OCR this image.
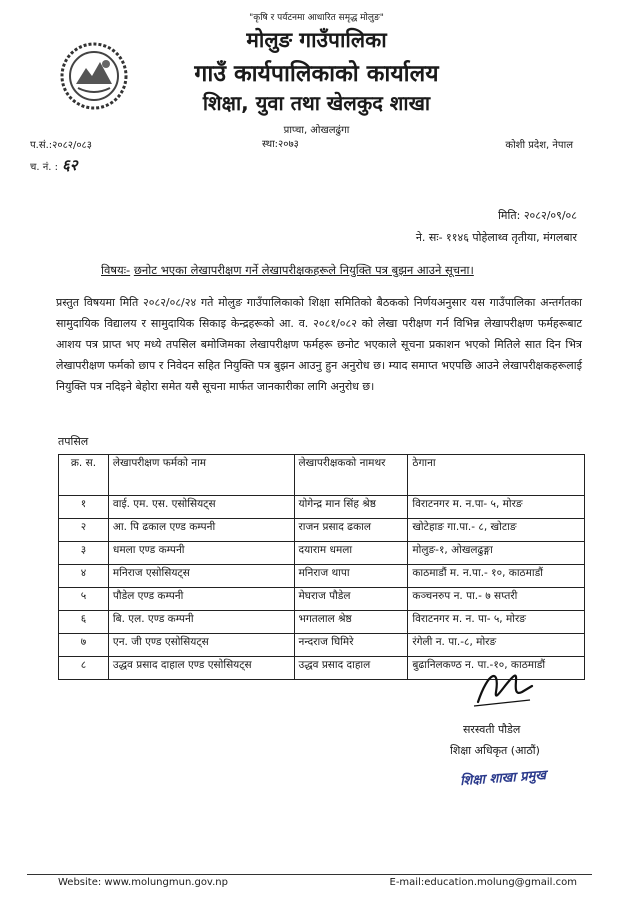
"कृषि र पर्यटनमा आधारित समृद्ध मोलुङ"
मोलुङ गाउँपालिका
गाउँ कार्यपालिकाको कार्यालय
शिक्षा, युवा तथा खेलकुद शाखा
प्राप्चा, ओखलढुंगा
स्था:२०७३	कोशी प्रदेश, नेपाल
प.सं.:२०८२/०८३
च. नं. : ६२
मिति: २०८२/०९/०८
ने. सः- ११४६ पोहेलाथ्व तृतीया, मंगलबार
विषयः- छनोट भएका लेखापरीक्षण गर्ने लेखापरीक्षकहरूले नियुक्ति पत्र बुझन आउने सूचना।
प्रस्तुत विषयमा मिति २०८२/०८/२४ गते मोलुङ गाउँपालिकाको शिक्षा समितिको बैठकको निर्णयअनुसार यस गाउँपालिका अन्तर्गतका सामुदायिक विद्यालय र सामुदायिक सिकाइ केन्द्रहरूको आ. व. २०८१/०८२ को लेखा परीक्षण गर्न विभिन्न लेखापरीक्षण फर्महरूबाट आशय पत्र प्राप्त भए मध्ये तपसिल बमोजिमका लेखापरीक्षण फर्महरू छनोट भएकाले सूचना प्रकाशन भएको मितिले सात दिन भित्र लेखापरीक्षण फर्मको छाप र निवेदन सहित नियुक्ति पत्र बुझन आउनु हुन अनुरोध छ। म्याद समाप्त भएपछि आउने लेखापरीक्षकहरूलाई नियुक्ति पत्र नदिइने बेहोरा समेत यसै सूचना मार्फत जानकारीका लागि अनुरोध छ।
तपसिल
क्र. स.	लेखापरीक्षण फर्मको नाम	लेखापरीक्षकको नामथर	ठेगाना
१	वाई. एम. एस. एसोसियट्स	योगेन्द्र मान सिंह श्रेष्ठ	विराटनगर म. न.पा- ५, मोरङ
२	आ. पि ढकाल एण्ड कम्पनी	राजन प्रसाद ढकाल	खोटेहाङ गा.पा.- ८, खोटाङ
३	धमला एण्ड कम्पनी	दयाराम धमला	मोलुङ-१, ओखलढुङ्गा
४	मनिराज एसोसियट्स	मनिराज थापा	काठमाडौं म. न.पा.- १०, काठमाडौं
५	पौडेल एण्ड कम्पनी	मेघराज पौडेल	कञ्चनरुप न. पा.- ७ सप्तरी
६	बि. एल. एण्ड कम्पनी	भगतलाल श्रेष्ठ	विराटनगर म. न. पा- ५, मोरङ
७	एन. जी एण्ड एसोसियट्स	नन्दराज घिमिरे	रंगेली न. पा.-८, मोरङ
८	उद्धव प्रसाद दाहाल एण्ड एसोसियट्स	उद्धव प्रसाद दाहाल	बुढानिलकण्ठ न. पा.-१०, काठमाडौं
सरस्वती पौडेल
शिक्षा अधिकृत (आठौं)
शिक्षा शाखा प्रमुख
Website: www.molungmun.gov.np	E-mail:education.molung@gmail.com
